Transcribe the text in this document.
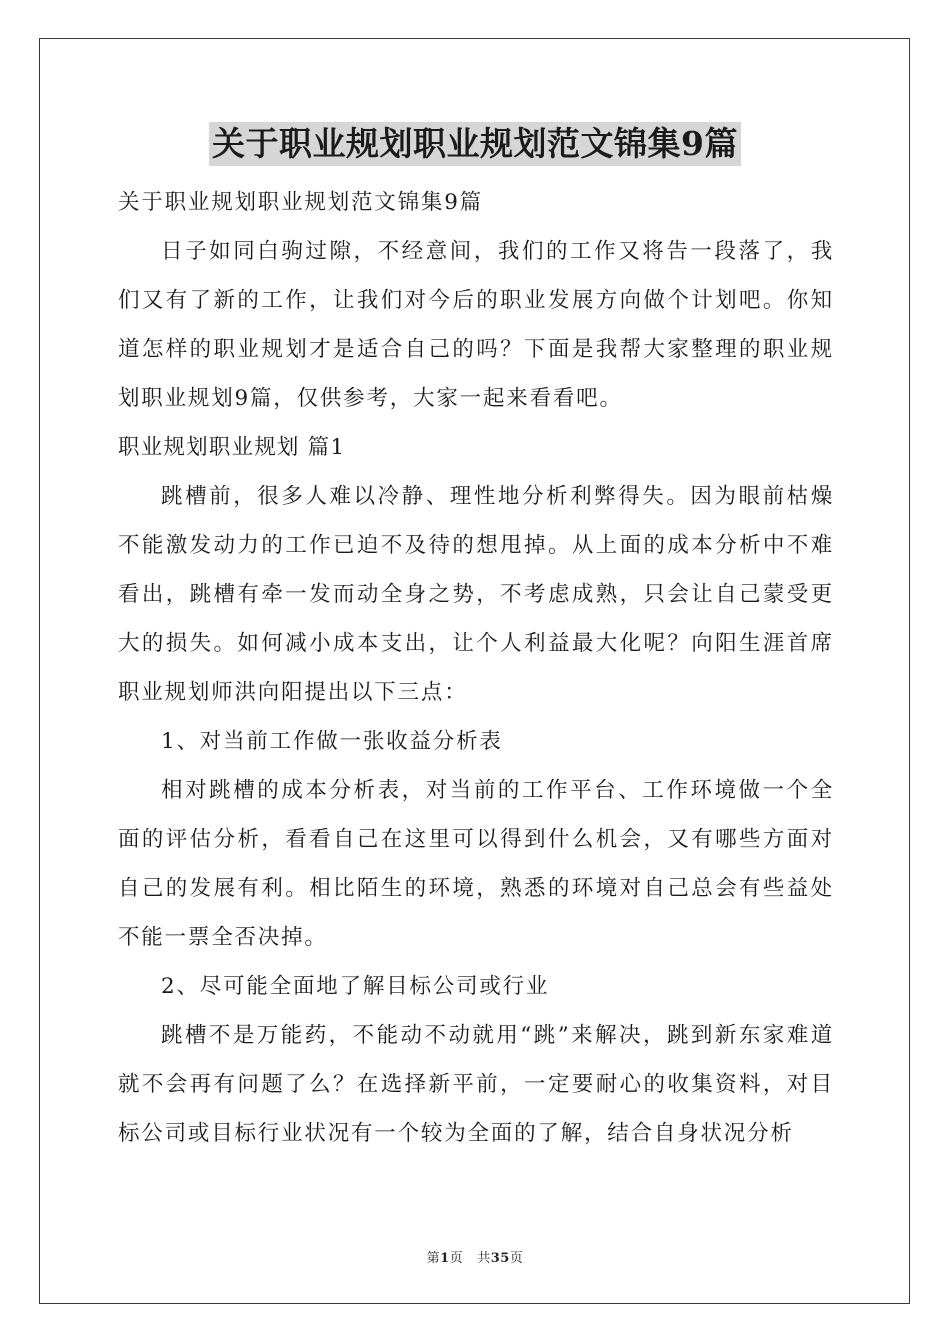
关于职业规划职业规划范文锦集9篇

关于职业规划职业规划范文锦集9篇

日子如同白驹过隙，不经意间，我们的工作又将告一段落了，我们又有了新的工作，让我们对今后的职业发展方向做个计划吧。你知道怎样的职业规划才是适合自己的吗？下面是我帮大家整理的职业规划职业规划9篇，仅供参考，大家一起来看看吧。

职业规划职业规划 篇1

跳槽前，很多人难以冷静、理性地分析利弊得失。因为眼前枯燥不能激发动力的工作已迫不及待的想甩掉。从上面的成本分析中不难看出，跳槽有牵一发而动全身之势，不考虑成熟，只会让自己蒙受更大的损失。如何减小成本支出，让个人利益最大化呢？向阳生涯首席职业规划师洪向阳提出以下三点：

1、对当前工作做一张收益分析表

相对跳槽的成本分析表，对当前的工作平台、工作环境做一个全面的评估分析，看看自己在这里可以得到什么机会，又有哪些方面对自己的发展有利。相比陌生的环境，熟悉的环境对自己总会有些益处不能一票全否决掉。

2、尽可能全面地了解目标公司或行业

跳槽不是万能药，不能动不动就用“跳”来解决，跳到新东家难道就不会再有问题了么？在选择新平前，一定要耐心的收集资料，对目标公司或目标行业状况有一个较为全面的了解，结合自身状况分析

第1页 共35页
